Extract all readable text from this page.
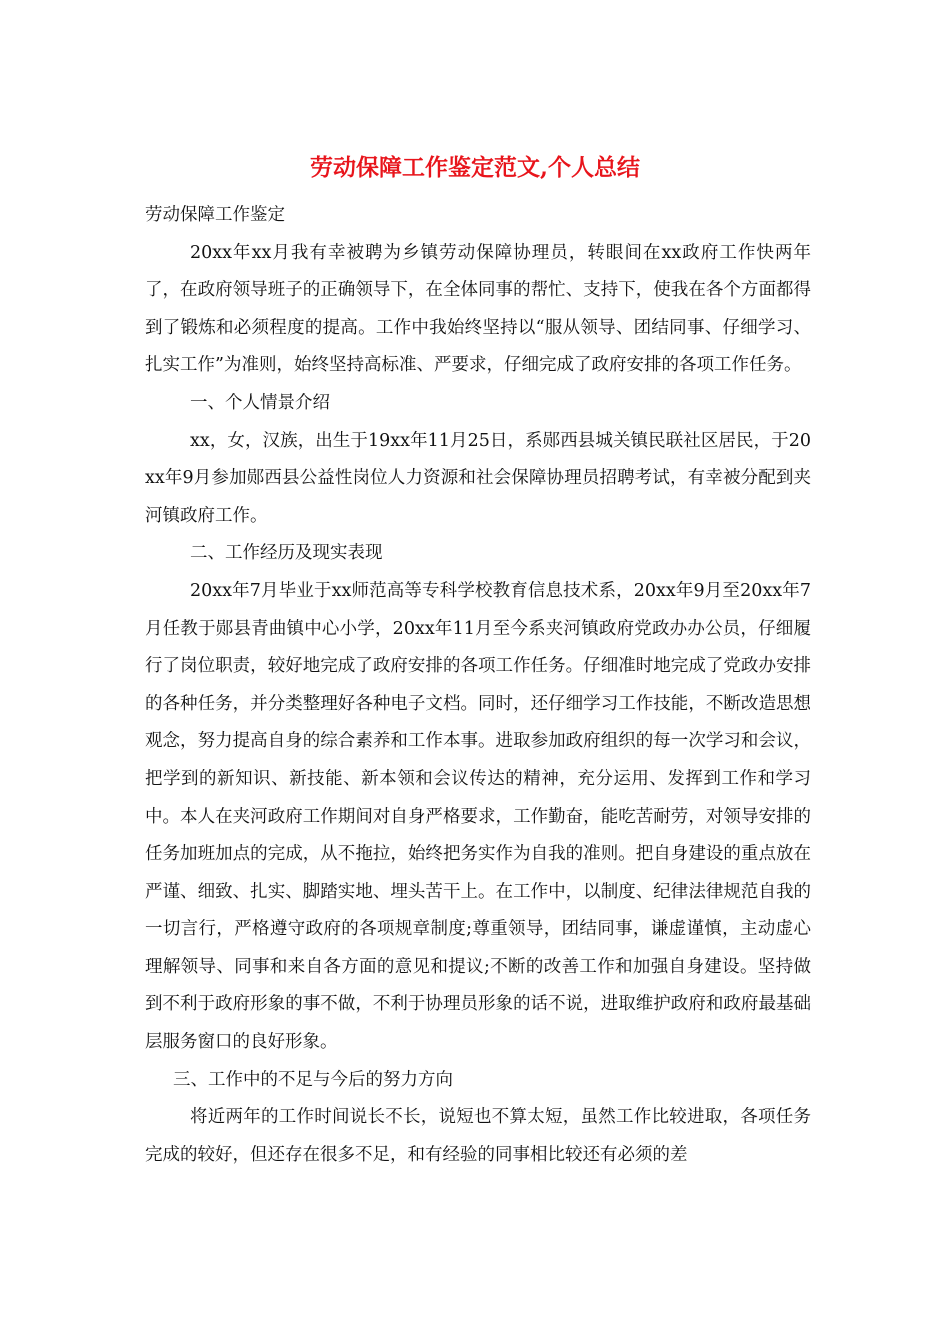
劳动保障工作鉴定范文,个人总结

劳动保障工作鉴定

20xx年xx月我有幸被聘为乡镇劳动保障协理员，转眼间在xx政府工作快两年了，在政府领导班子的正确领导下，在全体同事的帮忙、支持下，使我在各个方面都得到了锻炼和必须程度的提高。工作中我始终坚持以“服从领导、团结同事、仔细学习、扎实工作”为准则，始终坚持高标准、严要求，仔细完成了政府安排的各项工作任务。

一、个人情景介绍

xx，女，汉族，出生于19xx年11月25日，系郧西县城关镇民联社区居民，于20xx年9月参加郧西县公益性岗位人力资源和社会保障协理员招聘考试，有幸被分配到夹河镇政府工作。

二、工作经历及现实表现

20xx年7月毕业于xx师范高等专科学校教育信息技术系，20xx年9月至20xx年7月任教于郧县青曲镇中心小学，20xx年11月至今系夹河镇政府党政办办公员，仔细履行了岗位职责，较好地完成了政府安排的各项工作任务。仔细准时地完成了党政办安排的各种任务，并分类整理好各种电子文档。同时，还仔细学习工作技能，不断改造思想观念，努力提高自身的综合素养和工作本事。进取参加政府组织的每一次学习和会议，把学到的新知识、新技能、新本领和会议传达的精神，充分运用、发挥到工作和学习中。本人在夹河政府工作期间对自身严格要求，工作勤奋，能吃苦耐劳，对领导安排的任务加班加点的完成，从不拖拉，始终把务实作为自我的准则。把自身建设的重点放在严谨、细致、扎实、脚踏实地、埋头苦干上。在工作中，以制度、纪律法律规范自我的一切言行，严格遵守政府的各项规章制度;尊重领导，团结同事，谦虚谨慎，主动虚心理解领导、同事和来自各方面的意见和提议;不断的改善工作和加强自身建设。坚持做到不利于政府形象的事不做，不利于协理员形象的话不说，进取维护政府和政府最基础层服务窗口的良好形象。

三、工作中的不足与今后的努力方向

将近两年的工作时间说长不长，说短也不算太短，虽然工作比较进取，各项任务完成的较好，但还存在很多不足，和有经验的同事相比较还有必须的差
